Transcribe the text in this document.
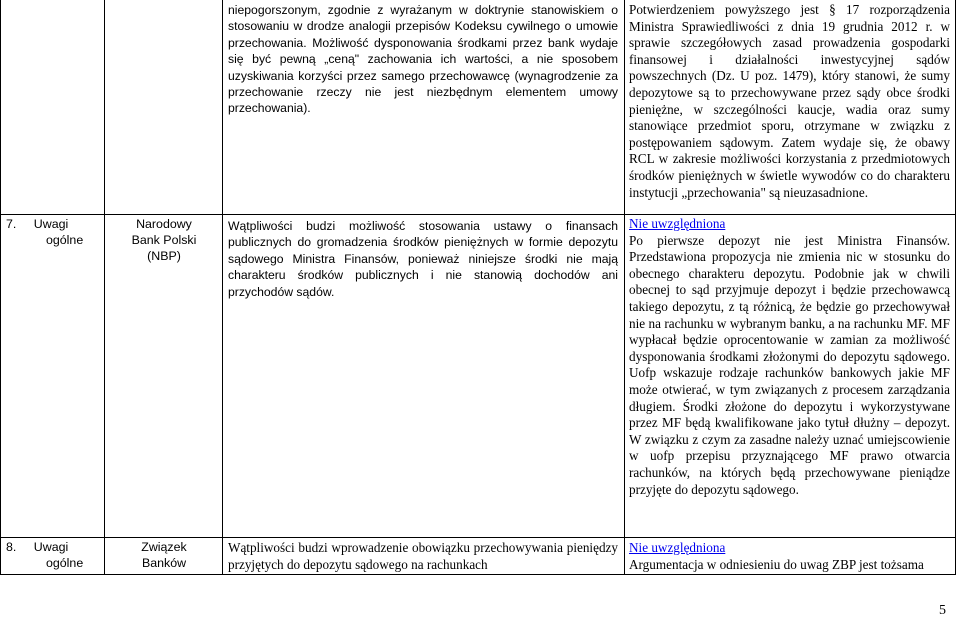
niepogorszonym, zgodnie z wyrażanym w doktrynie stanowiskiem o stosowaniu w drodze analogii przepisów Kodeksu cywilnego o umowie przechowania. Możliwość dysponowania środkami przez bank wydaje się być pewną „ceną" zachowania ich wartości, a nie sposobem uzyskiwania korzyści przez samego przechowawcę (wynagrodzenie za przechowanie rzeczy nie jest niezbędnym elementem umowy przechowania).
Potwierdzeniem powyższego jest § 17 rozporządzenia Ministra Sprawiedliwości z dnia 19 grudnia 2012 r. w sprawie szczegółowych zasad prowadzenia gospodarki finansowej i działalności inwestycyjnej sądów powszechnych (Dz. U poz. 1479), który stanowi, że sumy depozytowe są to przechowywane przez sądy obce środki pieniężne, w szczególności kaucje, wadia oraz sumy stanowiące przedmiot sporu, otrzymane w związku z postępowaniem sądowym. Zatem wydaje się, że obawy RCL w zakresie możliwości korzystania z przedmiotowych środków pieniężnych w świetle wywodów co do charakteru instytucji „przechowania" są nieuzasadnione.
7. Uwagi
ogólne
Narodowy Bank Polski (NBP)
Wątpliwości budzi możliwość stosowania ustawy o finansach publicznych do gromadzenia środków pieniężnych w formie depozytu sądowego Ministra Finansów, ponieważ niniejsze środki nie mają charakteru środków publicznych i nie stanowią dochodów ani przychodów sądów.
Nie uwzględniona
Po pierwsze depozyt nie jest Ministra Finansów. Przedstawiona propozycja nie zmienia nic w stosunku do obecnego charakteru depozytu. Podobnie jak w chwili obecnej to sąd przyjmuje depozyt i będzie przechowawcą takiego depozytu, z tą różnicą, że będzie go przechowywał nie na rachunku w wybranym banku, a na rachunku MF. MF wypłacał będzie oprocentowanie w zamian za możliwość dysponowania środkami złożonymi do depozytu sądowego. Uofp wskazuje rodzaje rachunków bankowych jakie MF może otwierać, w tym związanych z procesem zarządzania długiem. Środki złożone do depozytu i wykorzystywane przez MF będą kwalifikowane jako tytuł dłużny – depozyt. W związku z czym za zasadne należy uznać umiejscowienie w uofp przepisu przyznającego MF prawo otwarcia rachunków, na których będą przechowywane pieniądze przyjęte do depozytu sądowego.
8. Uwagi
ogólne
Związek Banków
Wątpliwości budzi wprowadzenie obowiązku przechowywania pieniędzy przyjętych do depozytu sądowego na rachunkach
Nie uwzględniona
Argumentacja w odniesieniu do uwag ZBP jest tożsama
5
